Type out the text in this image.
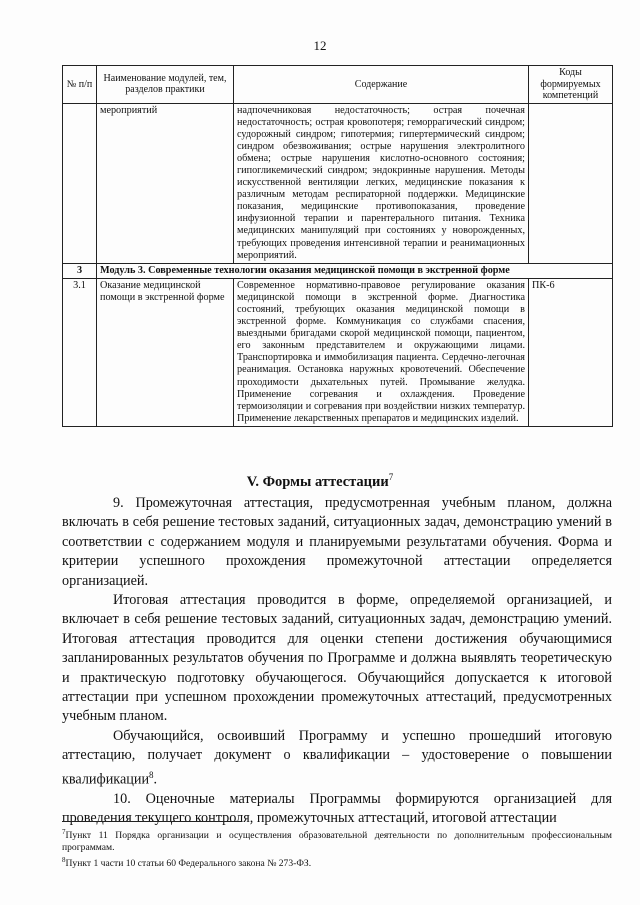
12
№ п/п	Наименование модулей, тем, разделов практики	Содержание	Коды формируемых компетенций
	мероприятий	надпочечниковая недостаточность; острая почечная недостаточность; острая кровопотеря; геморрагический синдром; судорожный синдром; гипотермия; гипертермический синдром; синдром обезвоживания; острые нарушения электролитного обмена; острые нарушения кислотно-основного состояния; гипогликемический синдром; эндокринные нарушения. Методы искусственной вентиляции легких, медицинские показания к различным методам респираторной поддержки. Медицинские показания, медицинские противопоказания, проведение инфузионной терапии и парентерального питания. Техника медицинских манипуляций при состояниях у новорожденных, требующих проведения интенсивной терапии и реанимационных мероприятий.	
3	Модуль 3. Современные технологии оказания медицинской помощи в экстренной форме		
3.1	Оказание медицинской помощи в экстренной форме	Современное нормативно-правовое регулирование оказания медицинской помощи в экстренной форме. Диагностика состояний, требующих оказания медицинской помощи в экстренной форме. Коммуникация со службами спасения, выездными бригадами скорой медицинской помощи, пациентом, его законным представителем и окружающими лицами. Транспортировка и иммобилизация пациента. Сердечно-легочная реанимация. Остановка наружных кровотечений. Обеспечение проходимости дыхательных путей. Промывание желудка. Применение согревания и охлаждения. Проведение термоизоляции и согревания при воздействии низких температур. Применение лекарственных препаратов и медицинских изделий.	ПК-6
V. Формы аттестации$^7$

9. Промежуточная аттестация, предусмотренная учебным планом, должна включать в себя решение тестовых заданий, ситуационных задач, демонстрацию умений в соответствии с содержанием модуля и планируемыми результатами обучения. Форма и критерии успешного прохождения промежуточной аттестации определяется организацией.

Итоговая аттестация проводится в форме, определяемой организацией, и включает в себя решение тестовых заданий, ситуационных задач, демонстрацию умений. Итоговая аттестация проводится для оценки степени достижения обучающимися запланированных результатов обучения по Программе и должна выявлять теоретическую и практическую подготовку обучающегося. Обучающийся допускается к итоговой аттестации при успешном прохождении промежуточных аттестаций, предусмотренных учебным планом.

Обучающийся, освоивший Программу и успешно прошедший итоговую аттестацию, получает документ о квалификации – удостоверение о повышении квалификации$^8$.

10. Оценочные материалы Программы формируются организацией для проведения текущего контроля, промежуточных аттестаций, итоговой аттестации

$^7$Пункт 11 Порядка организации и осуществления образовательной деятельности по дополнительным профессиональным программам.

$^8$Пункт 1 части 10 статьи 60 Федерального закона № 273-ФЗ.
